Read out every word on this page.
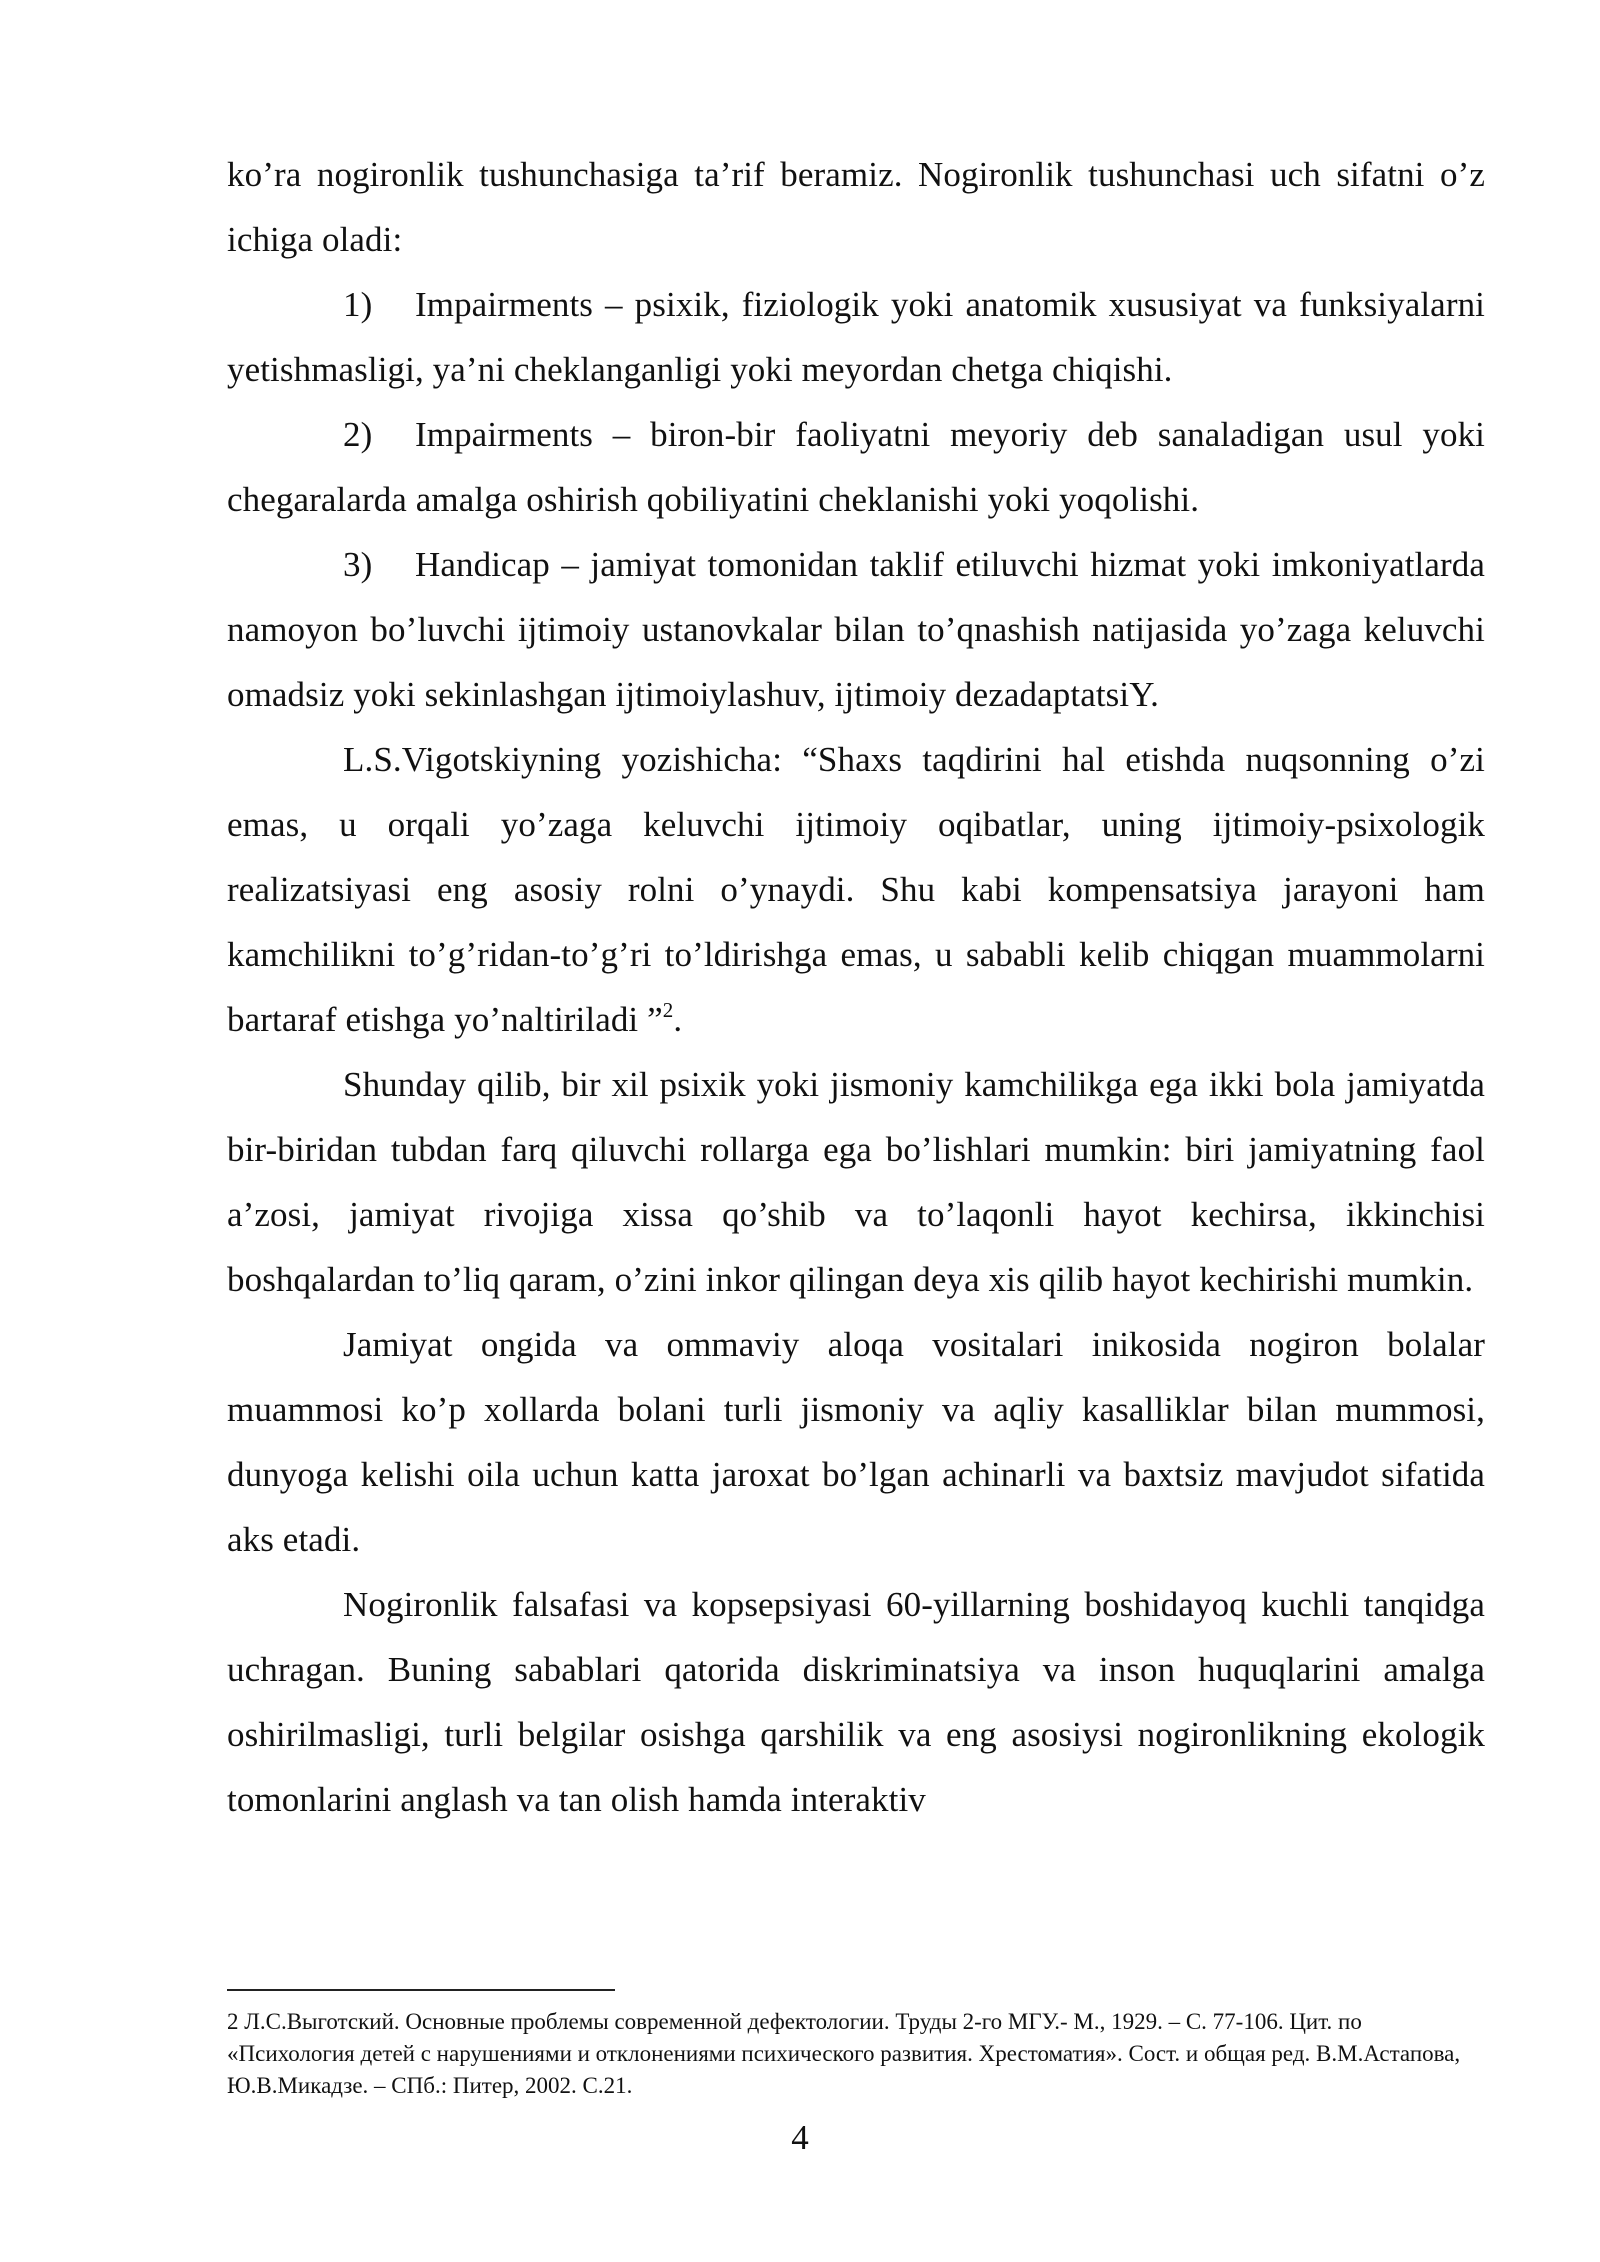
ko’ra nogironlik tushunchasiga ta’rif beramiz. Nogironlik tushunchasi uch sifatni o’z ichiga oladi:

1) Impairments – psixik, fiziologik yoki anatomik xususiyat va funksiyalarni yetishmasligi, ya’ni cheklanganligi yoki meyordan chetga chiqishi.

2) Impairments – biron-bir faoliyatni meyoriy deb sanaladigan usul yoki chegaralarda amalga oshirish qobiliyatini cheklanishi yoki yoqolishi.

3) Handicap – jamiyat tomonidan taklif etiluvchi hizmat yoki imkoniyatlarda namoyon bo’luvchi ijtimoiy ustanovkalar bilan to’qnashish natijasida yo’zaga keluvchi omadsiz yoki sekinlashgan ijtimoiylashuv, ijtimoiy dezadaptatsiY.

L.S.Vigotskiyning yozishicha: “Shaxs taqdirini hal etishda nuqsonning o’zi emas, u orqali yo’zaga keluvchi ijtimoiy oqibatlar, uning ijtimoiy-psixologik realizatsiyasi eng asosiy rolni o’ynaydi. Shu kabi kompensatsiya jarayoni ham kamchilikni to’g’ridan-to’g’ri to’ldirishga emas, u sababli kelib chiqgan muammolarni bartaraf etishga yo’naltiriladi ”$^2$.

Shunday qilib, bir xil psixik yoki jismoniy kamchilikga ega ikki bola jamiyatda bir-biridan tubdan farq qiluvchi rollarga ega bo’lishlari mumkin: biri jamiyatning faol a’zosi, jamiyat rivojiga xissa qo’shib va to’laqonli hayot kechirsa, ikkinchisi boshqalardan to’liq qaram, o’zini inkor qilingan deya xis qilib hayot kechirishi mumkin.

Jamiyat ongida va ommaviy aloqa vositalari inikosida nogiron bolalar muammosi ko’p xollarda bolani turli jismoniy va aqliy kasalliklar bilan mummosi, dunyoga kelishi oila uchun katta jaroxat bo’lgan achinarli va baxtsiz mavjudot sifatida aks etadi.

Nogironlik falsafasi va kopsepsiyasi 60-yillarning boshidayoq kuchli tanqidga uchragan. Buning sabablari qatorida diskriminatsiya va inson huquqlarini amalga oshirilmasligi, turli belgilar osishga qarshilik va eng asosiysi nogironlikning ekologik tomonlarini anglash va tan olish hamda interaktiv

2 Л.С.Выготский. Основные проблемы современной дефектологии. Труды 2-го МГУ.- М., 1929. – С. 77-106. Цит. по «Психология детей с нарушениями и отклонениями психического развития. Хрестоматия». Сост. и общая ред. В.М.Астапова, Ю.В.Микадзе. – СПб.: Питер, 2002. С.21.

4
